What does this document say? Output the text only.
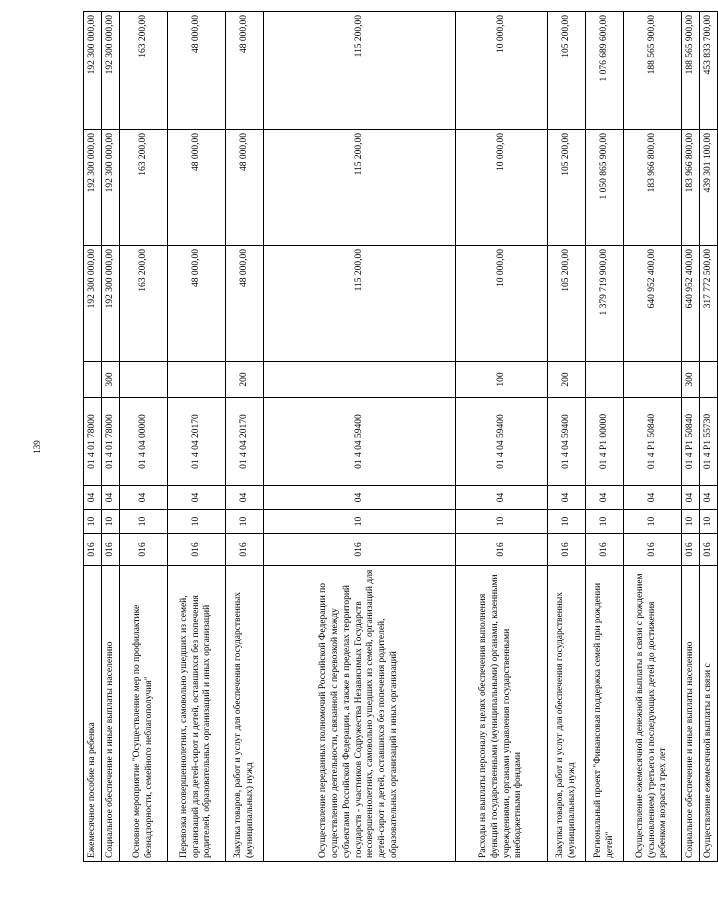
139
Ежемесячное пособие на ребенка	016	10	04	01 4 01 78000		192 300 000,00	192 300 000,00	192 300 000,00
Социальное обеспечение и иные выплаты населению	016	10	04	01 4 01 78000	300	192 300 000,00	192 300 000,00	192 300 000,00
Основное мероприятие "Осуществление мер по профилактике безнадзорности, семейного неблагополучия"	016	10	04	01 4 04 00000		163 200,00	163 200,00	163 200,00
Перевозка несовершеннолетних, самовольно ушедших из семей, организаций для детей-сирот и детей, оставшихся без попечения родителей, образовательных организаций и иных организаций	016	10	04	01 4 04 20170		48 000,00	48 000,00	48 000,00
Закупка товаров, работ и услуг для обеспечения государственных (муниципальных) нужд	016	10	04	01 4 04 20170	200	48 000,00	48 000,00	48 000,00
Осуществление переданных полномочий Российской Федерации по осуществлению деятельности, связанной с перевозкой между субъектами Российской Федерации, а также в пределах территорий государств - участников Содружества Независимых Государств несовершеннолетних, самовольно ушедших из семей, организаций для детей-сирот и детей, оставшихся без попечения родителей, образовательных организаций и иных организаций	016	10	04	01 4 04 59400		115 200,00	115 200,00	115 200,00
Расходы на выплаты персоналу в целях обеспечения выполнения функций государственными (муниципальными) органами, казенными учреждениями, органами управления государственными внебюджетными фондами	016	10	04	01 4 04 59400	100	10 000,00	10 000,00	10 000,00
Закупка товаров, работ и услуг для обеспечения государственных (муниципальных) нужд	016	10	04	01 4 04 59400	200	105 200,00	105 200,00	105 200,00
Региональный проект "Финансовая поддержка семей при рождении детей"	016	10	04	01 4 P1 00000		1 379 719 900,00	1 050 865 900,00	1 076 689 600,00
Осуществление ежемесячной денежной выплаты в связи с рождением (усыновлением) третьего и последующих детей до достижения ребенком возраста трех лет	016	10	04	01 4 P1 50840		640 952 400,00	183 966 800,00	188 565 900,00
Социальное обеспечение и иные выплаты населению	016	10	04	01 4 P1 50840	300	640 952 400,00	183 966 800,00	188 565 900,00
Осуществление ежемесячной выплаты в связи с	016	10	04	01 4 P1 55730		317 772 500,00	439 301 100,00	453 833 700,00
